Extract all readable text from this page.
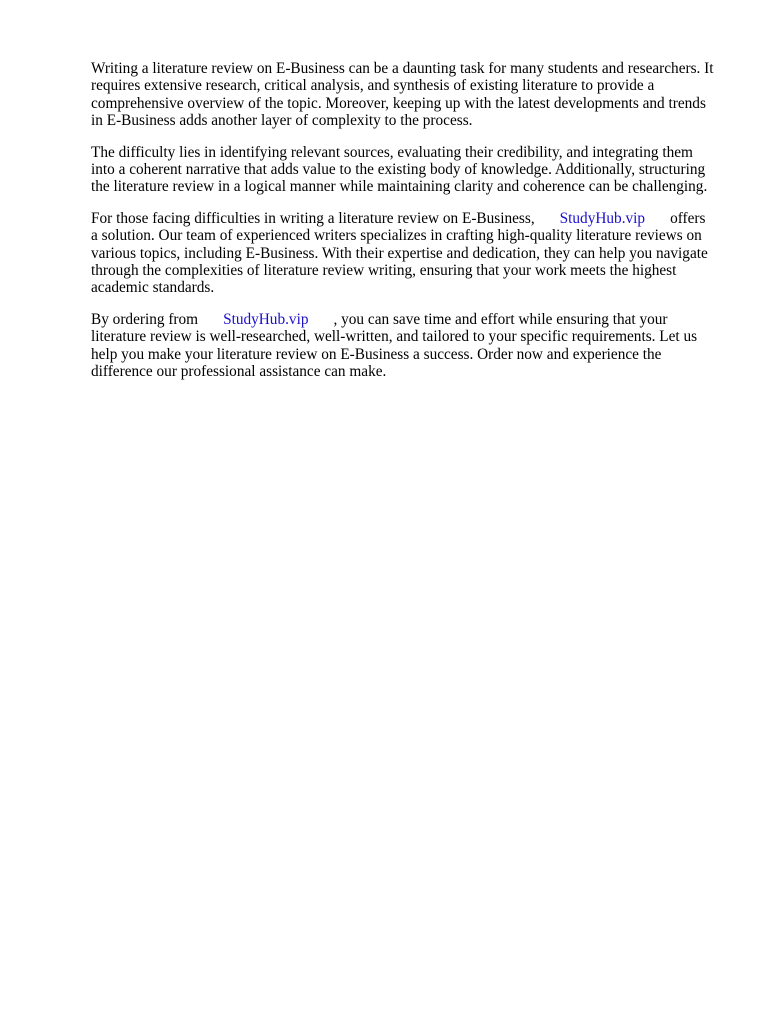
Writing a literature review on E-Business can be a daunting task for many students and researchers. It
requires extensive research, critical analysis, and synthesis of existing literature to provide a
comprehensive overview of the topic. Moreover, keeping up with the latest developments and trends
in E-Business adds another layer of complexity to the process.

The difficulty lies in identifying relevant sources, evaluating their credibility, and integrating them
into a coherent narrative that adds value to the existing body of knowledge. Additionally, structuring
the literature review in a logical manner while maintaining clarity and coherence can be challenging.

For those facing difficulties in writing a literature review on E-Business, StudyHub.vip offers
a solution. Our team of experienced writers specializes in crafting high-quality literature reviews on
various topics, including E-Business. With their expertise and dedication, they can help you navigate
through the complexities of literature review writing, ensuring that your work meets the highest
academic standards.

By ordering from StudyHub.vip , you can save time and effort while ensuring that your
literature review is well-researched, well-written, and tailored to your specific requirements. Let us
help you make your literature review on E-Business a success. Order now and experience the
difference our professional assistance can make.
